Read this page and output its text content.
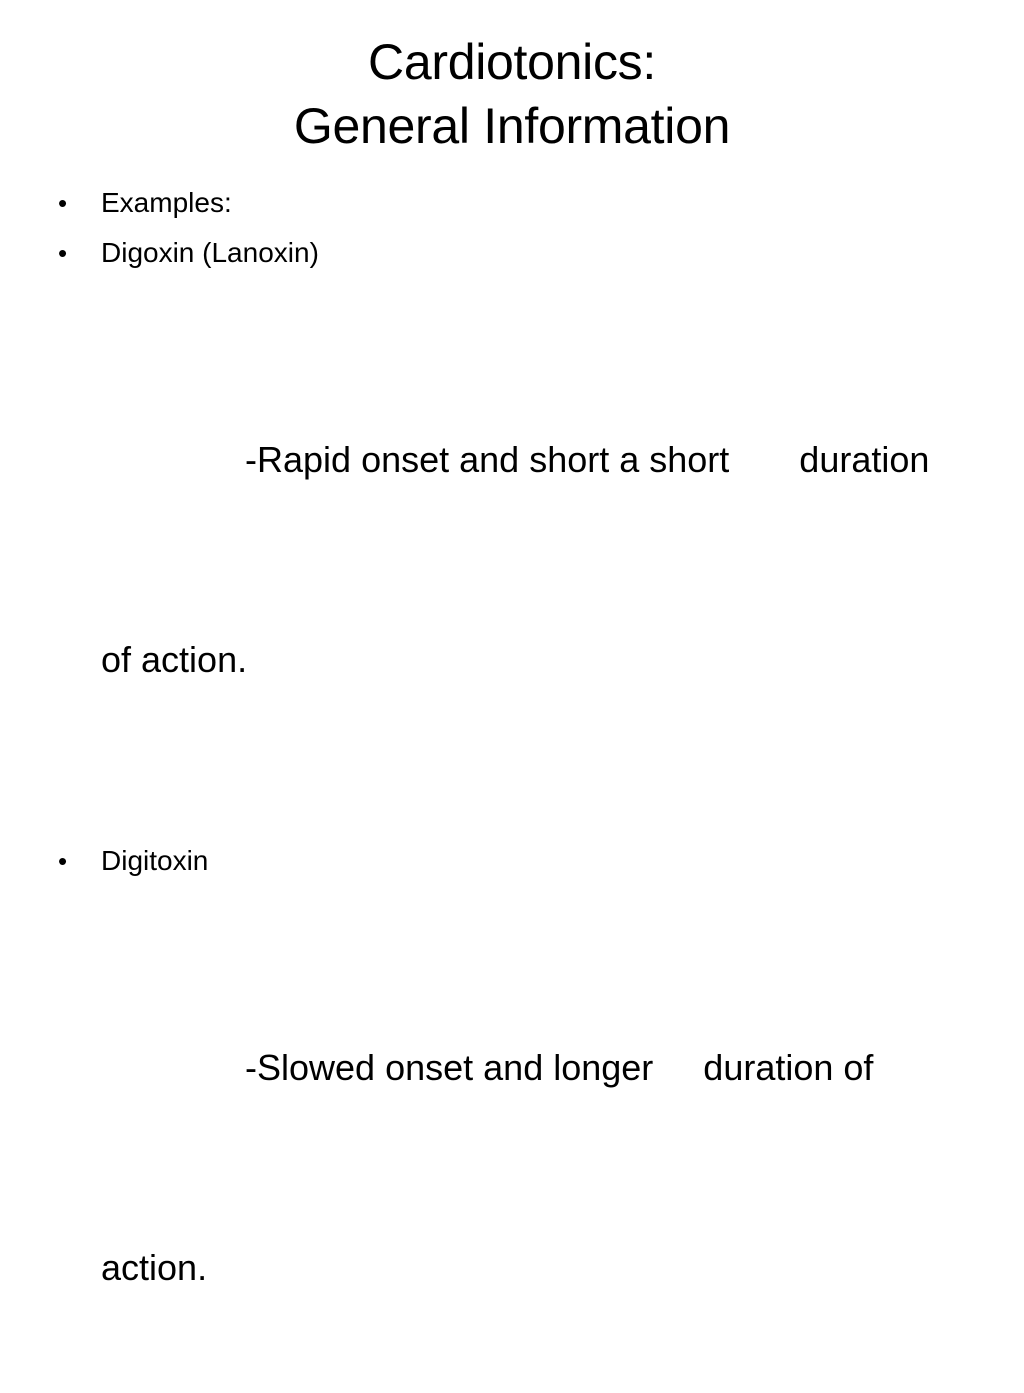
Cardiotonics:
General Information
•	Examples:
•	Digoxin (Lanoxin)

-Rapid onset and short a short       duration

of action.

•	Digitoxin

-Slowed onset and longer     duration of

action.
